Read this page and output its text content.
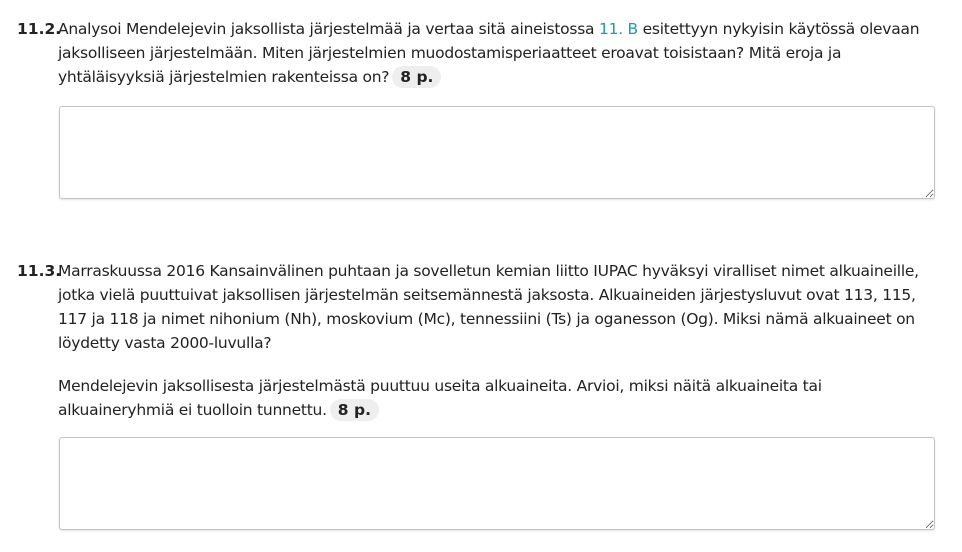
11.2.

Analysoi Mendelejevin jaksollista järjestelmää ja vertaa sitä aineistossa 11. B esitettyyn nykyisin käytössä olevaan jaksolliseen järjestelmään. Miten järjestelmien muodostamisperiaatteet eroavat toisistaan? Mitä eroja ja yhtäläisyyksiä järjestelmien rakenteissa on? 8 p.

11.3.

Marraskuussa 2016 Kansainvälinen puhtaan ja sovelletun kemian liitto IUPAC hyväksyi viralliset nimet alkuaineille, jotka vielä puuttuivat jaksollisen järjestelmän seitsemännestä jaksosta. Alkuaineiden järjestysluvut ovat 113, 115, 117 ja 118 ja nimet nihonium (Nh), moskovium (Mc), tennessiini (Ts) ja oganesson (Og). Miksi nämä alkuaineet on löydetty vasta 2000-luvulla?

Mendelejevin jaksollisesta järjestelmästä puuttuu useita alkuaineita. Arvioi, miksi näitä alkuaineita tai alkuaineryhmiä ei tuolloin tunnettu. 8 p.
